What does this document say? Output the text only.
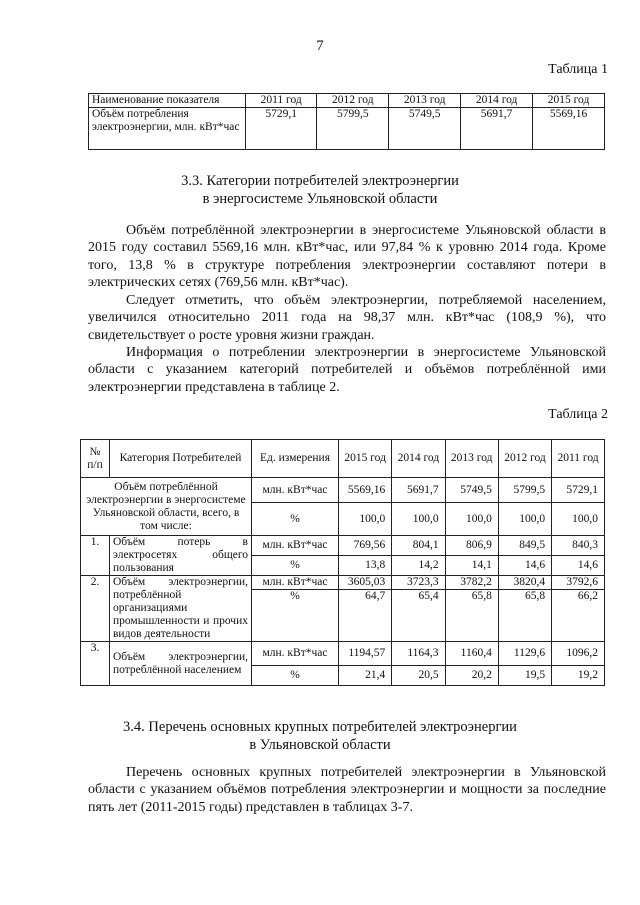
7
Таблица 1
Наименование показателя	2011 год	2012 год	2013 год	2014 год	2015 год
Объём потребления электроэнергии, млн. кВт*час	5729,1	5799,5	5749,5	5691,7	5569,16
3.3. Категории потребителей электроэнергии
в энергосистеме Ульяновской области

Объём потреблённой электроэнергии в энергосистеме Ульяновской области в 2015 году составил 5569,16 млн. кВт*час, или 97,84 % к уровню 2014 года. Кроме того, 13,8 % в структуре потребления электроэнергии составляют потери в электрических сетях (769,56 млн. кВт*час).

Следует отметить, что объём электроэнергии, потребляемой населением, увеличился относительно 2011 года на 98,37 млн. кВт*час (108,9 %), что свидетельствует о росте уровня жизни граждан.

Информация о потреблении электроэнергии в энергосистеме Ульяновской области с указанием категорий потребителей и объёмов потреблённой ими электроэнергии представлена в таблице 2.

Таблица 2
№ п/п	Категория Потребителей	Ед. измерения	2015 год	2014 год	2013 год	2012 год	2011 год
Объём потреблённой электроэнергии в энергосистеме Ульяновской области, всего, в том числе:		млн. кВт*час	5569,16	5691,7	5749,5	5799,5	5729,1
		%	100,0	100,0	100,0	100,0	100,0
1.	Объём потерь в электросетях общего пользования	млн. кВт*час	769,56	804,1	806,9	849,5	840,3
		%	13,8	14,2	14,1	14,6	14,6
2.	Объём электроэнергии, потреблённой организациями промышленности и прочих видов деятельности	млн. кВт*час	3605,03	3723,3	3782,2	3820,4	3792,6
		%	64,7	65,4	65,8	65,8	66,2
3.	Объём электроэнергии, потреблённой населением	млн. кВт*час	1194,57	1164,3	1160,4	1129,6	1096,2
		%	21,4	20,5	20,2	19,5	19,2
3.4. Перечень основных крупных потребителей электроэнергии
в Ульяновской области

Перечень основных крупных потребителей электроэнергии в Ульяновской области с указанием объёмов потребления электроэнергии и мощности за последние пять лет (2011-2015 годы) представлен в таблицах 3-7.
